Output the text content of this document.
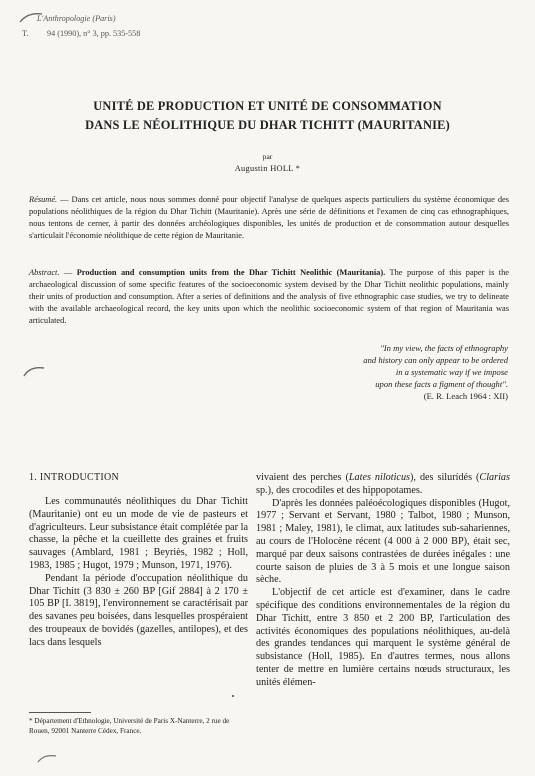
L'Anthropologie (Paris)
T. 94 (1990), n° 3, pp. 535-558
UNITÉ DE PRODUCTION ET UNITÉ DE CONSOMMATION
DANS LE NÉOLITHIQUE DU DHAR TICHITT (MAURITANIE)
par
Augustin HOLL *

Résumé. — Dans cet article, nous nous sommes donné pour objectif l'analyse de quelques aspects particuliers du système économique des populations néolithiques de la région du Dhar Tichitt (Mauritanie). Après une série de définitions et l'examen de cinq cas ethnographiques, nous tentons de cerner, à partir des données archéologiques disponibles, les unités de production et de consommation autour desquelles s'articulait l'économie néolithique de cette région de Mauritanie.

Abstract. — Production and consumption units from the Dhar Tichitt Neolithic (Mauritania). The purpose of this paper is the archaeological discussion of some specific features of the socioeconomic system devised by the Dhar Tichitt neolithic populations, mainly their units of production and consumption. After a series of definitions and the analysis of five ethnographic case studies, we try to delineate with the available archaeological record, the key units upon which the neolithic socioeconomic system of that region of Mauritania was articulated.

"In my view, the facts of ethnography
and history can only appear to be ordered
in a systematic way if we impose
upon these facts a figment of thought".
(E. R. Leach 1964 : XII)
1. INTRODUCTION

Les communautés néolithiques du Dhar Tichitt (Mauritanie) ont eu un mode de vie de pasteurs et d'agriculteurs. Leur subsistance était complétée par la chasse, la pêche et la cueillette des graines et fruits sauvages (Amblard, 1981 ; Beyriès, 1982 ; Holl, 1983, 1985 ; Hugot, 1979 ; Munson, 1971, 1976).

Pendant la période d'occupation néolithique du Dhar Tichitt (3 830 ± 260 BP [Gif 2884] à 2 170 ± 105 BP [I. 3819], l'environnement se caractérisait par des savanes peu boisées, dans lesquelles prospéraient des troupeaux de bovidés (gazelles, antilopes), et des lacs dans lesquels

vivaient des perches (Lates niloticus), des silurídés (Clarias sp.), des crocodiles et des hippopotames.

D'après les données paléoécologiques disponibles (Hugot, 1977 ; Servant et Servant, 1980 ; Talbot, 1980 ; Munson, 1981 ; Maley, 1981), le climat, aux latitudes sub-sahariennes, au cours de l'Holocène récent (4 000 à 2 000 BP), était sec, marqué par deux saisons contrastées de durées inégales : une courte saison de pluies de 3 à 5 mois et une longue saison sèche.

L'objectif de cet article est d'examiner, dans le cadre spécifique des conditions environnementales de la région du Dhar Tichitt, entre 3 850 et 2 200 BP, l'articulation des activités économiques des populations néolithiques, au-delà des grandes tendances qui marquent le système général de subsistance (Holl, 1985). En d'autres termes, nous allons tenter de mettre en lumière certains nœuds structuraux, les unités élémen-

* Département d'Ethnologie, Université de Paris X-Nanterre, 2 rue de Rouen, 92001 Nanterre Cédex, France.
